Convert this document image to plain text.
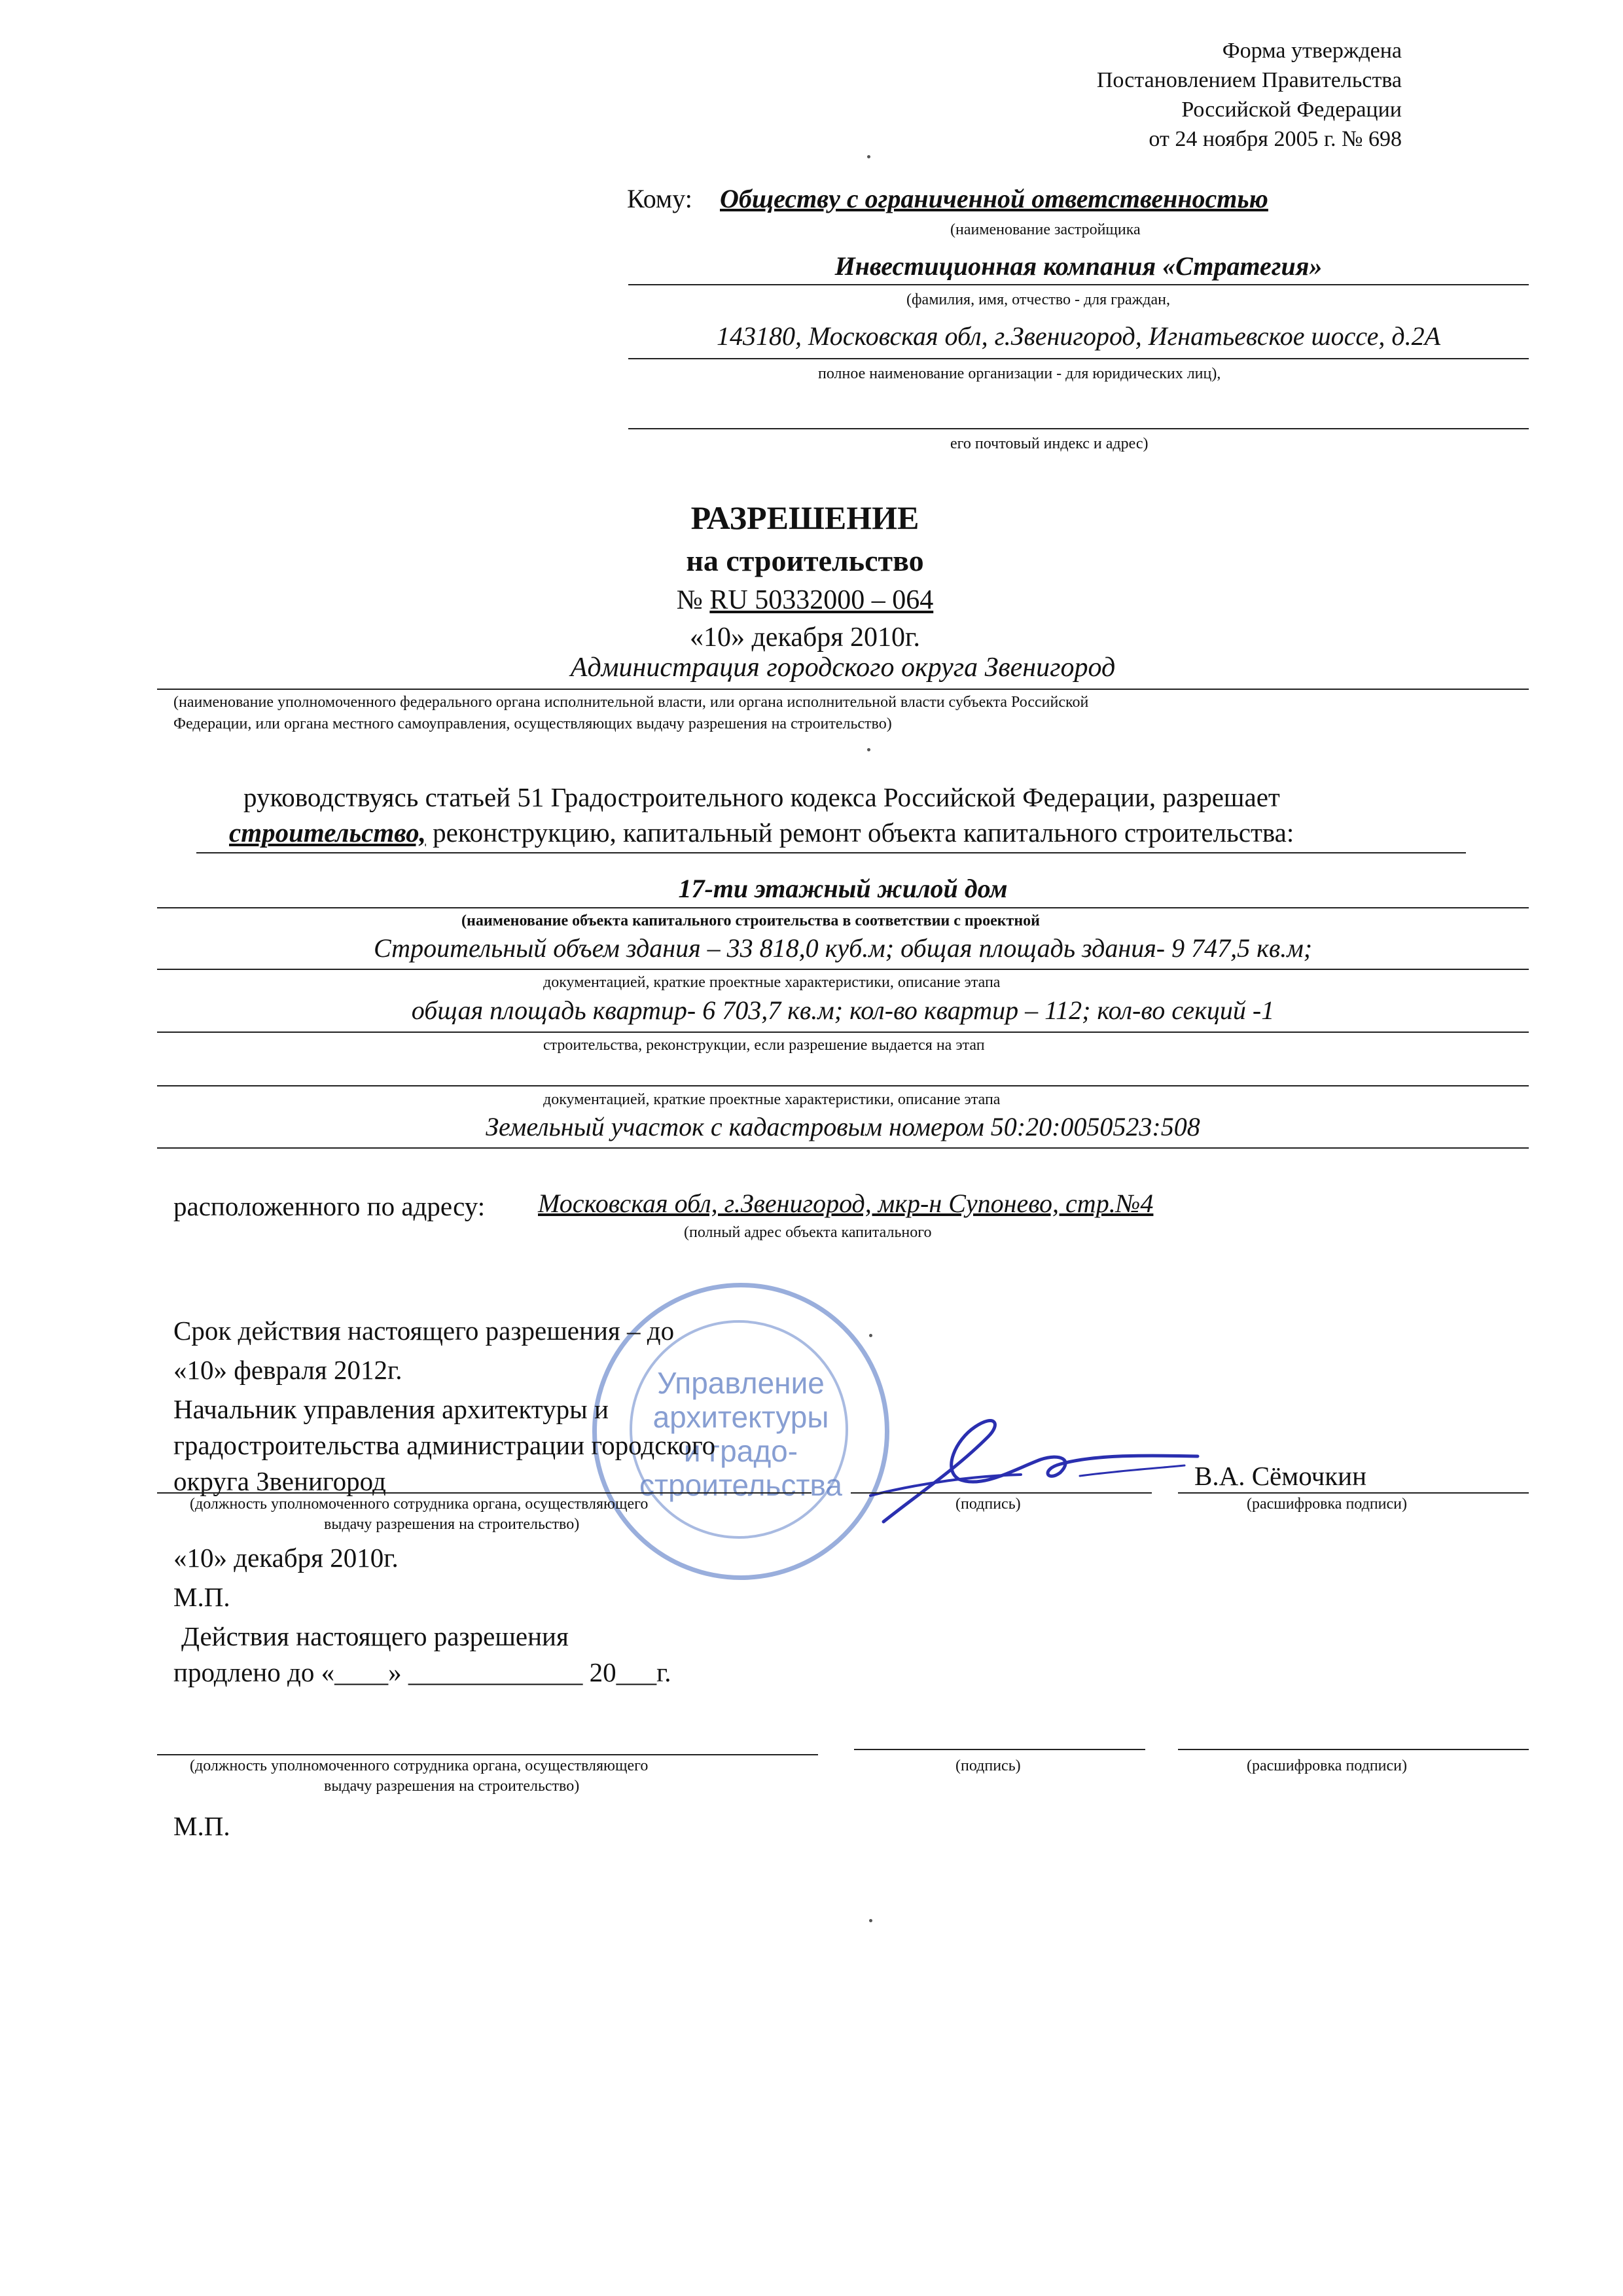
Форма утверждена
Постановлением Правительства
Российской Федерации
от 24 ноября 2005 г. № 698
Кому: Обществу с ограниченной ответственностью
(наименование застройщика
Инвестиционная компания «Стратегия»
(фамилия, имя, отчество - для граждан,
143180, Московская обл, г.Звенигород, Игнатьевское шоссе, д.2А
полное наименование организации - для юридических лиц),
его почтовый индекс и адрес)
РАЗРЕШЕНИЕ
на строительство
№ RU 50332000 – 064
«10» декабря 2010г.
Администрация городского округа Звенигород
(наименование уполномоченного федерального органа исполнительной власти, или органа исполнительной власти субъекта Российской
Федерации, или органа местного самоуправления, осуществляющих выдачу разрешения на строительство)
руководствуясь статьей 51 Градостроительного кодекса Российской Федерации, разрешает
строительство, реконструкцию, капитальный ремонт объекта капитального строительства:
17-ти этажный жилой дом
(наименование объекта капитального строительства в соответствии с проектной
Строительный объем здания – 33 818,0 куб.м; общая площадь здания- 9 747,5 кв.м;
документацией, краткие проектные характеристики, описание этапа
общая площадь квартир- 6 703,7 кв.м; кол-во квартир – 112; кол-во секций -1
строительства, реконструкции, если разрешение выдается на этап
документацией, краткие проектные характеристики, описание этапа
Земельный участок с кадастровым номером 50:20:0050523:508
расположенного по адресу: Московская обл, г.Звенигород, мкр-н Супонево, стр.№4
(полный адрес объекта капитального
Управление
архитектуры
и градо-
строительства
Срок действия настоящего разрешения – до
«10» февраля 2012г.
Начальник управления архитектуры и
градостроительства администрации городского
округа Звенигород	В.А. Сёмочкин
(должность уполномоченного сотрудника органа, осуществляющего
выдачу разрешения на строительство)
(подпись)	(расшифровка подписи)
«10» декабря 2010г.
М.П.
Действия настоящего разрешения
продлено до «____» _____________ 20___г.
(должность уполномоченного сотрудника органа, осуществляющего
выдачу разрешения на строительство)
(подпись)	(расшифровка подписи)
М.П.
